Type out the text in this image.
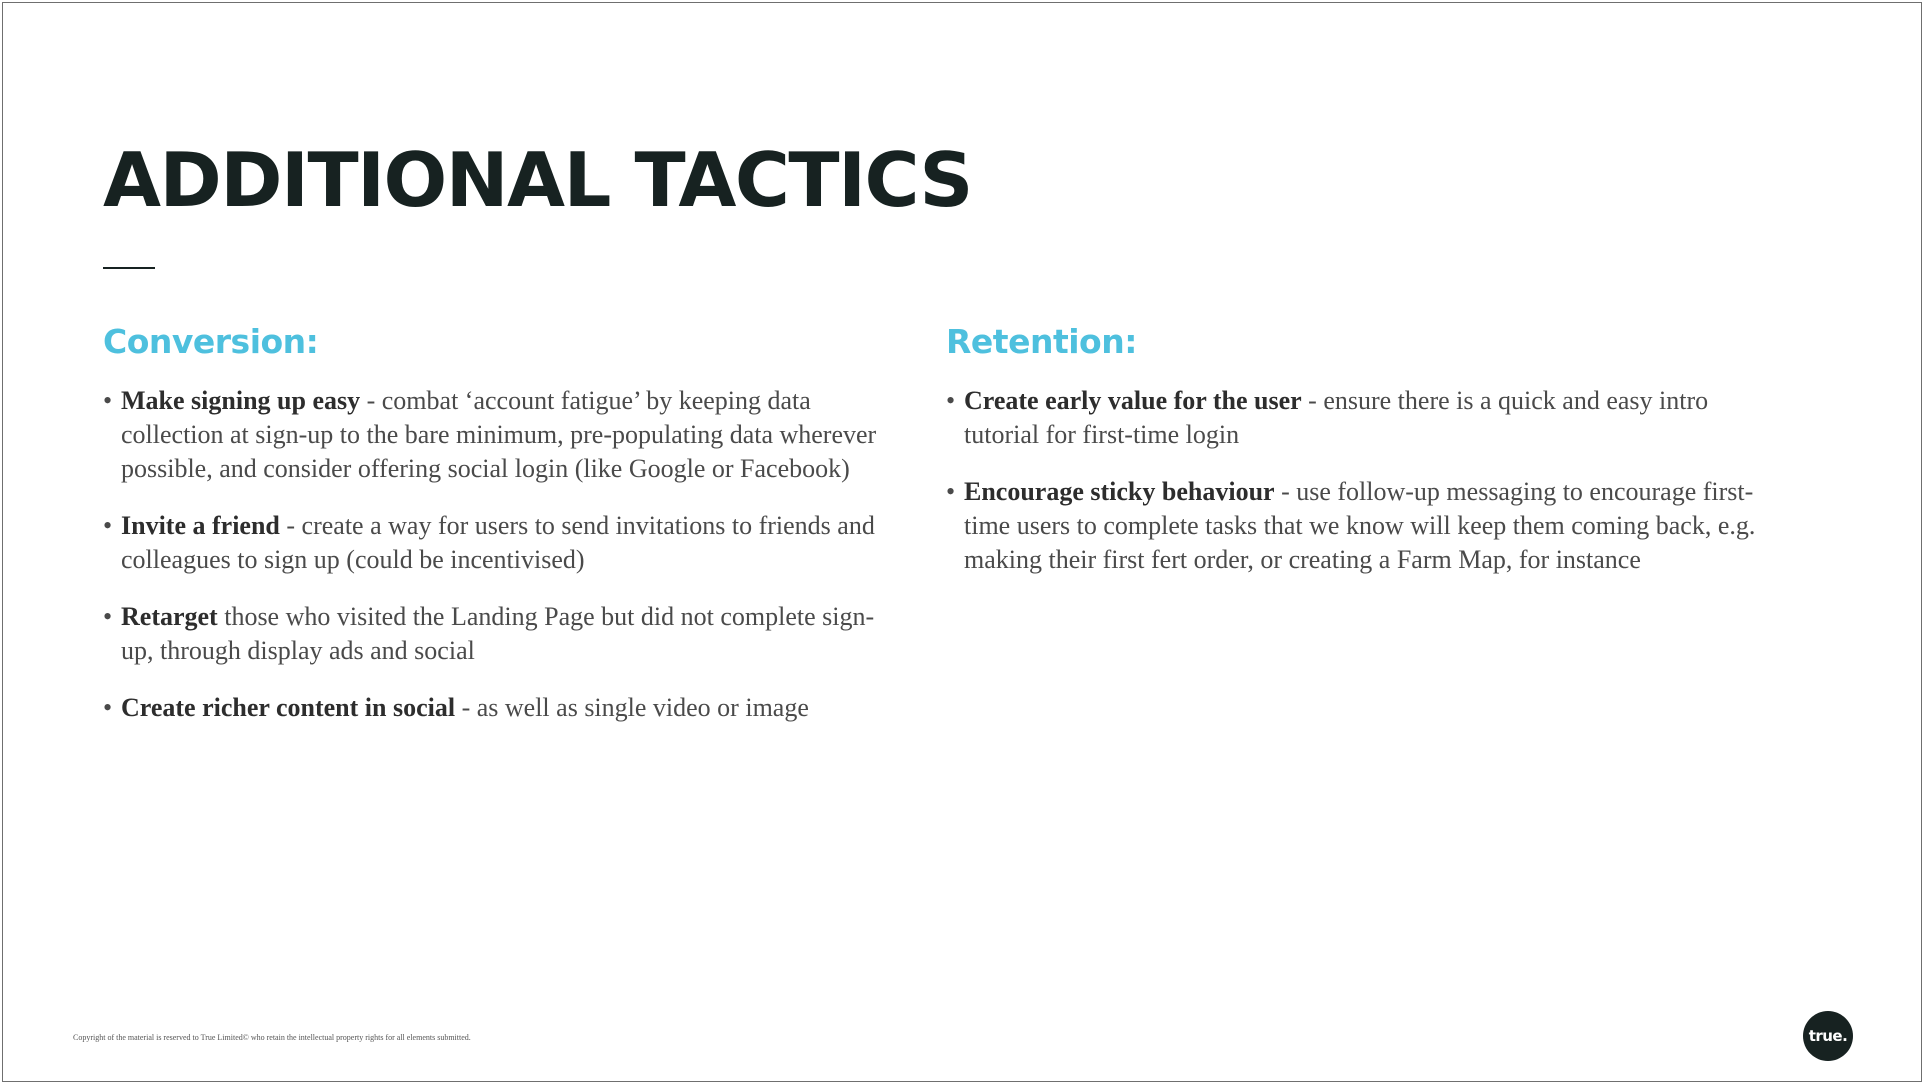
ADDITIONAL TACTICS
Conversion:
• Make signing up easy - combat ‘account fatigue’ by keeping data collection at sign-up to the bare minimum, pre-populating data wherever possible, and consider offering social login (like Google or Facebook)
• Invite a friend - create a way for users to send invitations to friends and colleagues to sign up (could be incentivised)
• Retarget those who visited the Landing Page but did not complete sign-up, through display ads and social
• Create richer content in social - as well as single video or image
Retention:
• Create early value for the user - ensure there is a quick and easy intro tutorial for first-time login
• Encourage sticky behaviour - use follow-up messaging to encourage first-time users to complete tasks that we know will keep them coming back, e.g. making their first fert order, or creating a Farm Map, for instance
Copyright of the material is reserved to True Limited© who retain the intellectual property rights for all elements submitted.	true.
